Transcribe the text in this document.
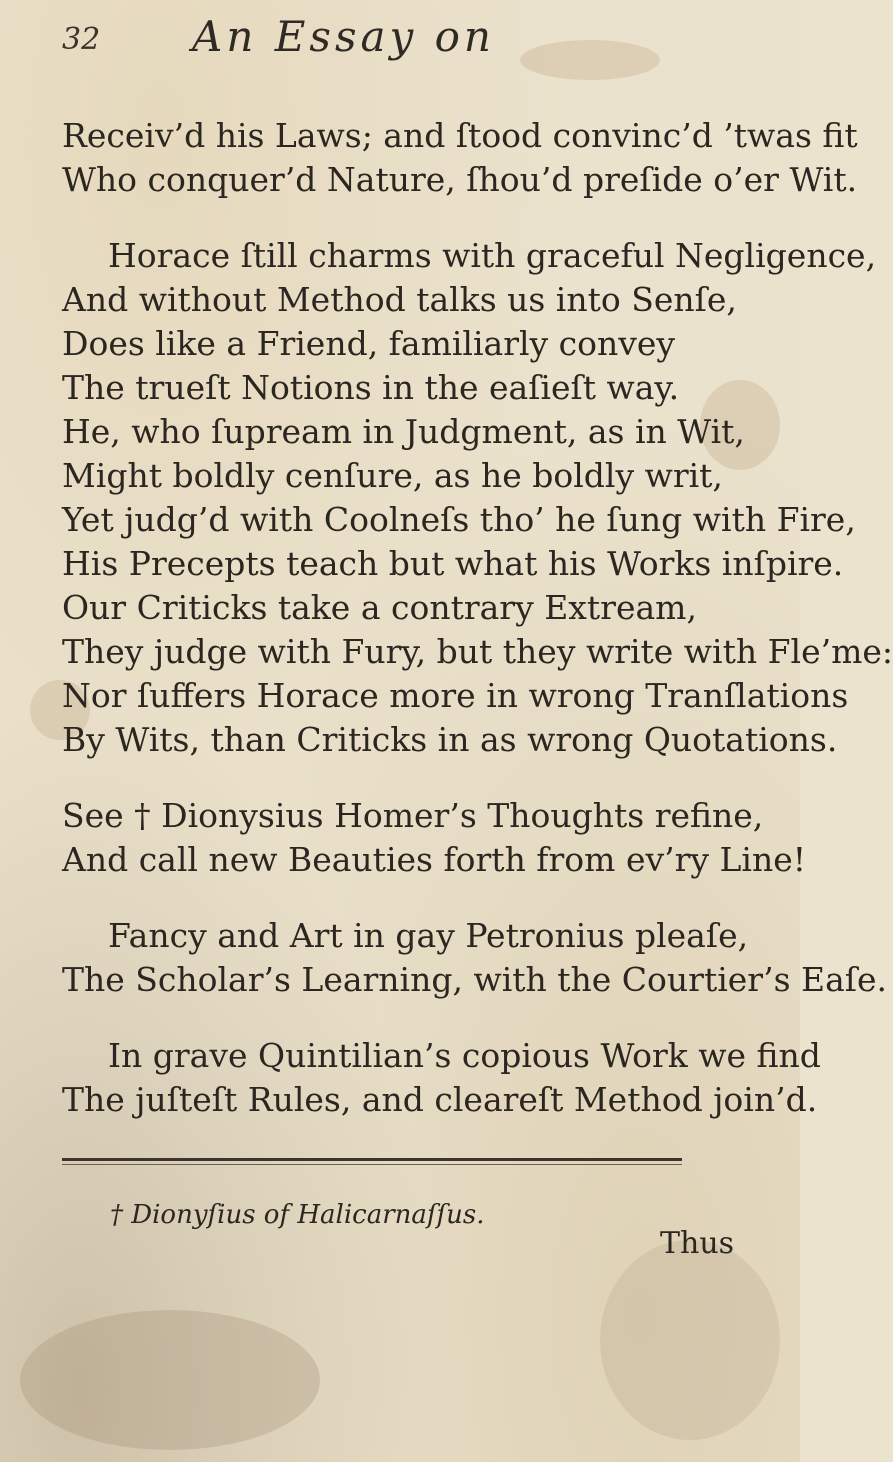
32 An Essay on
Receiv’d his Laws; and ſtood convinc’d ’twas fit
Who conquer’d Nature, ſhou’d preſide o’er Wit.
Horace ſtill charms with graceful Negligence,
And without Method talks us into Senſe,
Does like a Friend, familiarly convey
The trueſt Notions in the eaſieſt way.
He, who ſupream in Judgment, as in Wit,
Might boldly cenſure, as he boldly writ,
Yet judg’d with Coolneſs tho’ he ſung with Fire,
His Precepts teach but what his Works inſpire.
Our Criticks take a contrary Extream,
They judge with Fury, but they write with Fle’me:
Nor ſuffers Horace more in wrong Tranſlations
By Wits, than Criticks in as wrong Quotations.
See † Dionysius Homer’s Thoughts refine,
And call new Beauties forth from ev’ry Line!
Fancy and Art in gay Petronius pleaſe,
The Scholar’s Learning, with the Courtier’s Eaſe.
In grave Quintilian’s copious Work we find
The juſteſt Rules, and cleareſt Method join’d.
† Dionyſius of Halicarnaſſus.
Thus
